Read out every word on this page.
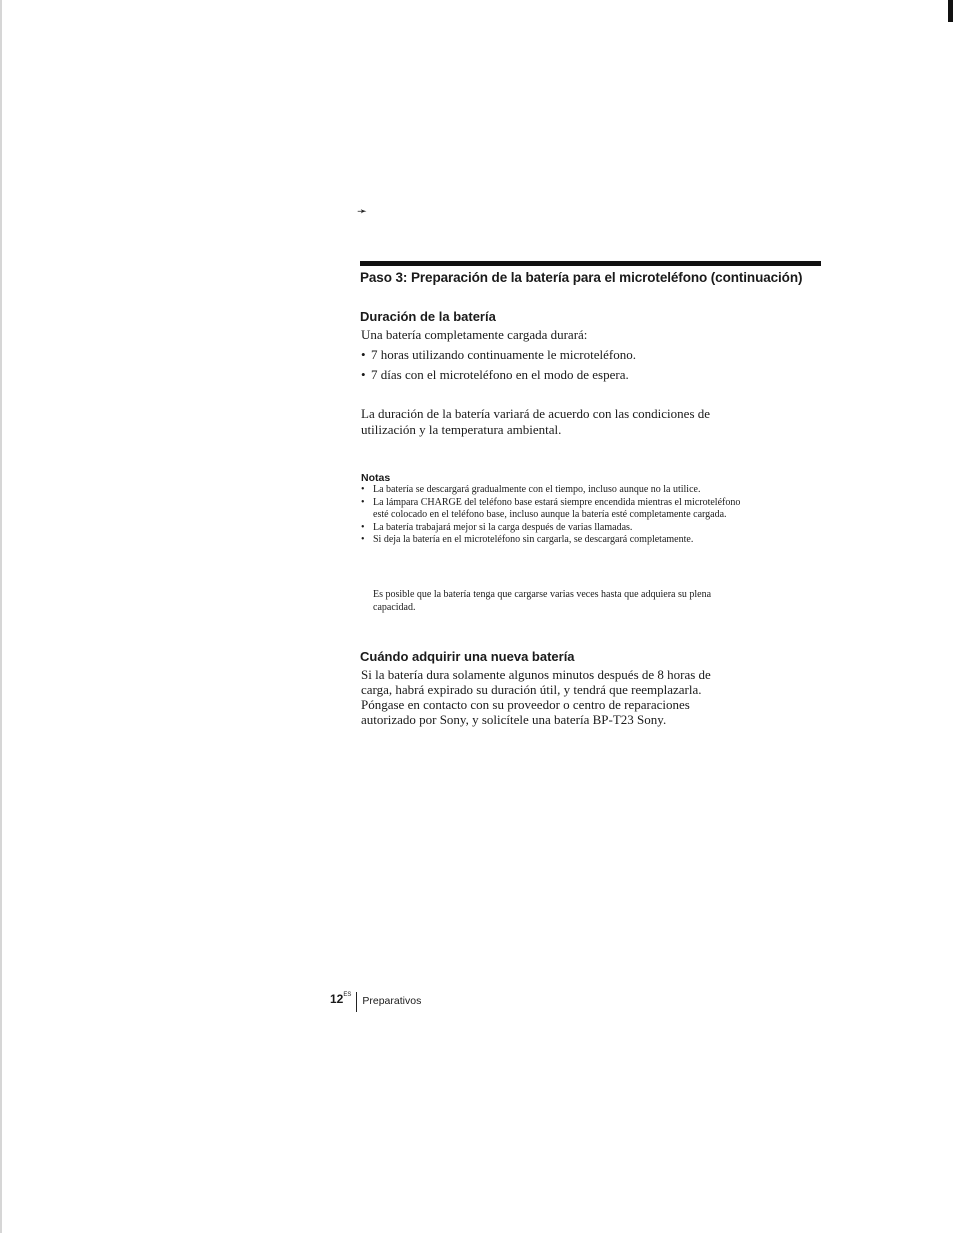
➛
Paso 3: Preparación de la batería para el microteléfono (continuación)
Duración de la batería
Una batería completamente cargada durará:
• 7 horas utilizando continuamente le microteléfono.
• 7 días con el microteléfono en el modo de espera.
La duración de la batería variará de acuerdo con las condiciones de utilización y la temperatura ambiental.
Notas
• La batería se descargará gradualmente con el tiempo, incluso aunque no la utilice.
• La lámpara CHARGE del teléfono base estará siempre encendida mientras el microteléfono esté colocado en el teléfono base, incluso aunque la batería esté completamente cargada.
• La batería trabajará mejor si la carga después de varias llamadas.
• Si deja la batería en el microteléfono sin cargarla, se descargará completamente.
Es posible que la batería tenga que cargarse varias veces hasta que adquiera su plena capacidad.
Cuándo adquirir una nueva batería
Si la batería dura solamente algunos minutos después de 8 horas de carga, habrá expirado su duración útil, y tendrá que reemplazarla. Póngase en contacto con su proveedor o centro de reparaciones autorizado por Sony, y solicítele una batería BP-T23 Sony.
$12^{ES}$ Preparativos
